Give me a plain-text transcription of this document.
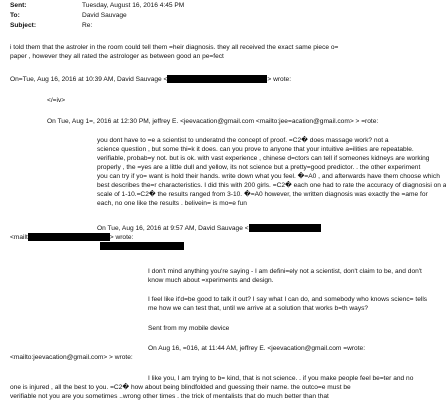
Sent:	Tuesday, August 16, 2016 4:45 PM
To:	David Sauvage
Subject:	Re:
i told them that the astroler in the room could tell them =heir diagnosis. they all received the exact same piece o=
paper , however they all rated the astrologer as between good an pe=fect
On=Tue, Aug 16, 2016 at 10:39 AM, David Sauvage <	> wrote:
</=iv>
On Tue, Aug 1=, 2016 at 12:30 PM, jeffrey E. <jeevacation@gmail.com <mailto:jee=acation@gmail.com> > =rote:
you dont have to =e a scientist to underatnd the concept of proof. =C2� does massage work? not a
science question , but some thi=k it does. can you prove to anyone that your intuitive a=ilities are repeatable.
verifiable, probab=y not. but is ok. with vast experience , chinese d=ctors can tell if someones kidneys are working
properly , the =yes are a little dull and yellow, its not science but a pretty=good predictor. . the other experiment
you can try if yo= want is hold their hands. write down what you feel. �=A0 , and afterwards have them choose which
best describes the=r characteristics. I did this with 200 girls. =C2� each one had to rate the accuracy of diagnosisi on a
scale of 1-10.=C2� the results ranged from 3-10. �=A0 however, the written diagnosis was exactly the =ame for
each, no one like the results . belivein= is mo=e fun
On Tue, Aug 16, 2016 at 9:57 AM, David Sauvage <
<mailt	> wrote:
I don't mind anything you're saying - I am defini=ely not a scientist, don't claim to be, and don't
know much about =xperiments and design.
I feel like it'd=be good to talk it out? I say what I can do, and somebody who knows scienc= tells
me how we can test that, until we arrive at a solution that works b=th ways?
Sent from my mobile device
On Aug 16, =016, at 11:44 AM, jeffrey E. <jeevacation@gmail.com =wrote:
<mailto:jeevacation@gmail.com> > wrote:
I like you, I am trying to b= kind, that is not science. . if you make people feel be=ter and no
one is injured , all the best to you. =C2� how about being blindfolded and guessing their name. the outco=e must be
verifiable not you are you sometimes ..wrong other times . the trick of mentalists that do much better than that
